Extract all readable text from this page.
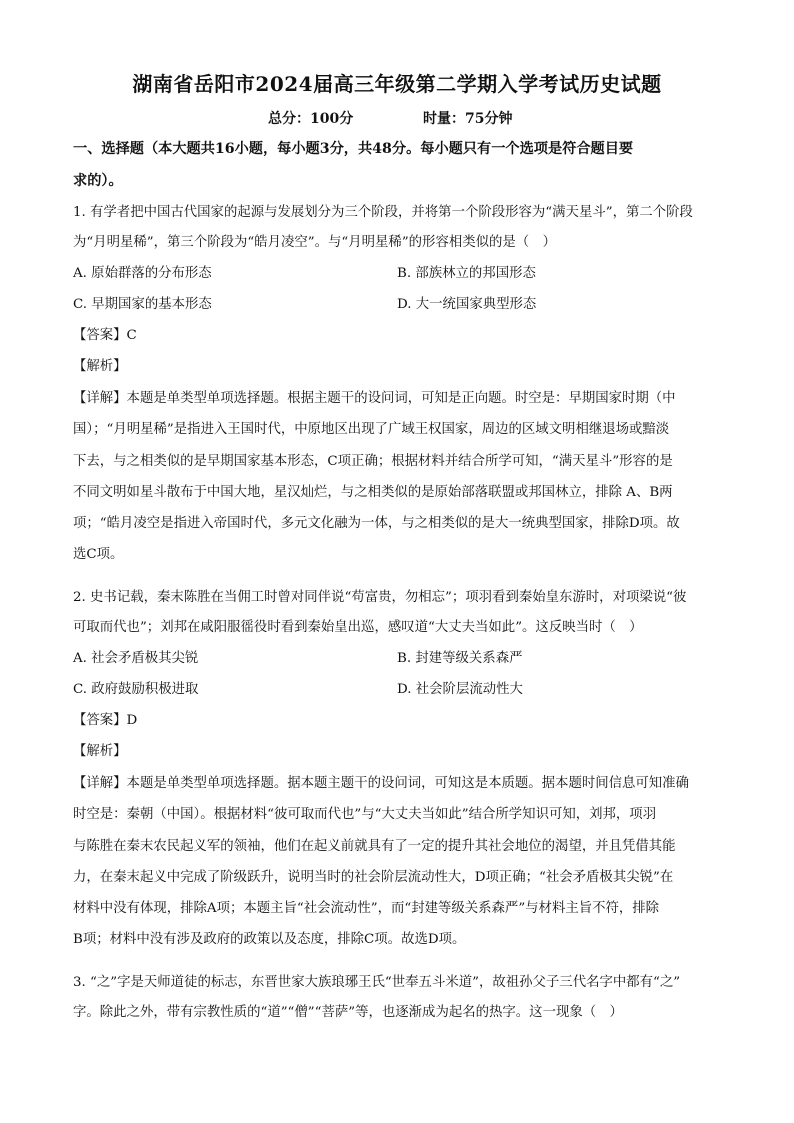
湖南省岳阳市2024届高三年级第二学期入学考试历史试题
总分：100分	时量：75分钟
一、选择题（本大题共16小题，每小题3分，共48分。每小题只有一个选项是符合题目要
求的）。
1. 有学者把中国古代国家的起源与发展划分为三个阶段，并将第一个阶段形容为“满天星斗”，第二个阶段
为“月明星稀”，第三个阶段为“皓月凌空”。与“月明星稀”的形容相类似的是（　）
A. 原始群落的分布形态	B. 部族林立的邦国形态
C. 早期国家的基本形态	D. 大一统国家典型形态
【答案】C
【解析】
【详解】本题是单类型单项选择题。根据主题干的设问词，可知是正向题。时空是：早期国家时期（中
国）；“月明星稀”是指进入王国时代，中原地区出现了广域王权国家，周边的区域文明相继退场或黯淡
下去，与之相类似的是早期国家基本形态，C项正确；根据材料并结合所学可知，“满天星斗”形容的是
不同文明如星斗散布于中国大地，星汉灿烂，与之相类似的是原始部落联盟或邦国林立，排除 A、B两
项；“皓月凌空是指进入帝国时代，多元文化融为一体，与之相类似的是大一统典型国家，排除D项。故
选C项。
2. 史书记载，秦末陈胜在当佣工时曾对同伴说“苟富贵，勿相忘”；项羽看到秦始皇东游时，对项梁说“彼
可取而代也”；刘邦在咸阳服徭役时看到秦始皇出巡，感叹道“大丈夫当如此”。这反映当时（　）
A. 社会矛盾极其尖锐	B. 封建等级关系森严
C. 政府鼓励积极进取	D. 社会阶层流动性大
【答案】D
【解析】
【详解】本题是单类型单项选择题。据本题主题干的设问词，可知这是本质题。据本题时间信息可知准确
时空是：秦朝（中国）。根据材料“彼可取而代也”与“大丈夫当如此”结合所学知识可知，刘邦，项羽
与陈胜在秦末农民起义军的领袖，他们在起义前就具有了一定的提升其社会地位的渴望，并且凭借其能
力，在秦末起义中完成了阶级跃升，说明当时的社会阶层流动性大，D项正确；“社会矛盾极其尖锐”在
材料中没有体现，排除A项；本题主旨“社会流动性”，而“封建等级关系森严”与材料主旨不符，排除
B项；材料中没有涉及政府的政策以及态度，排除C项。故选D项。
3. “之”字是天师道徒的标志，东晋世家大族琅琊王氏“世奉五斗米道”，故祖孙父子三代名字中都有“之”
字。除此之外，带有宗教性质的“道”“僧”“菩萨”等，也逐渐成为起名的热字。这一现象（　）
